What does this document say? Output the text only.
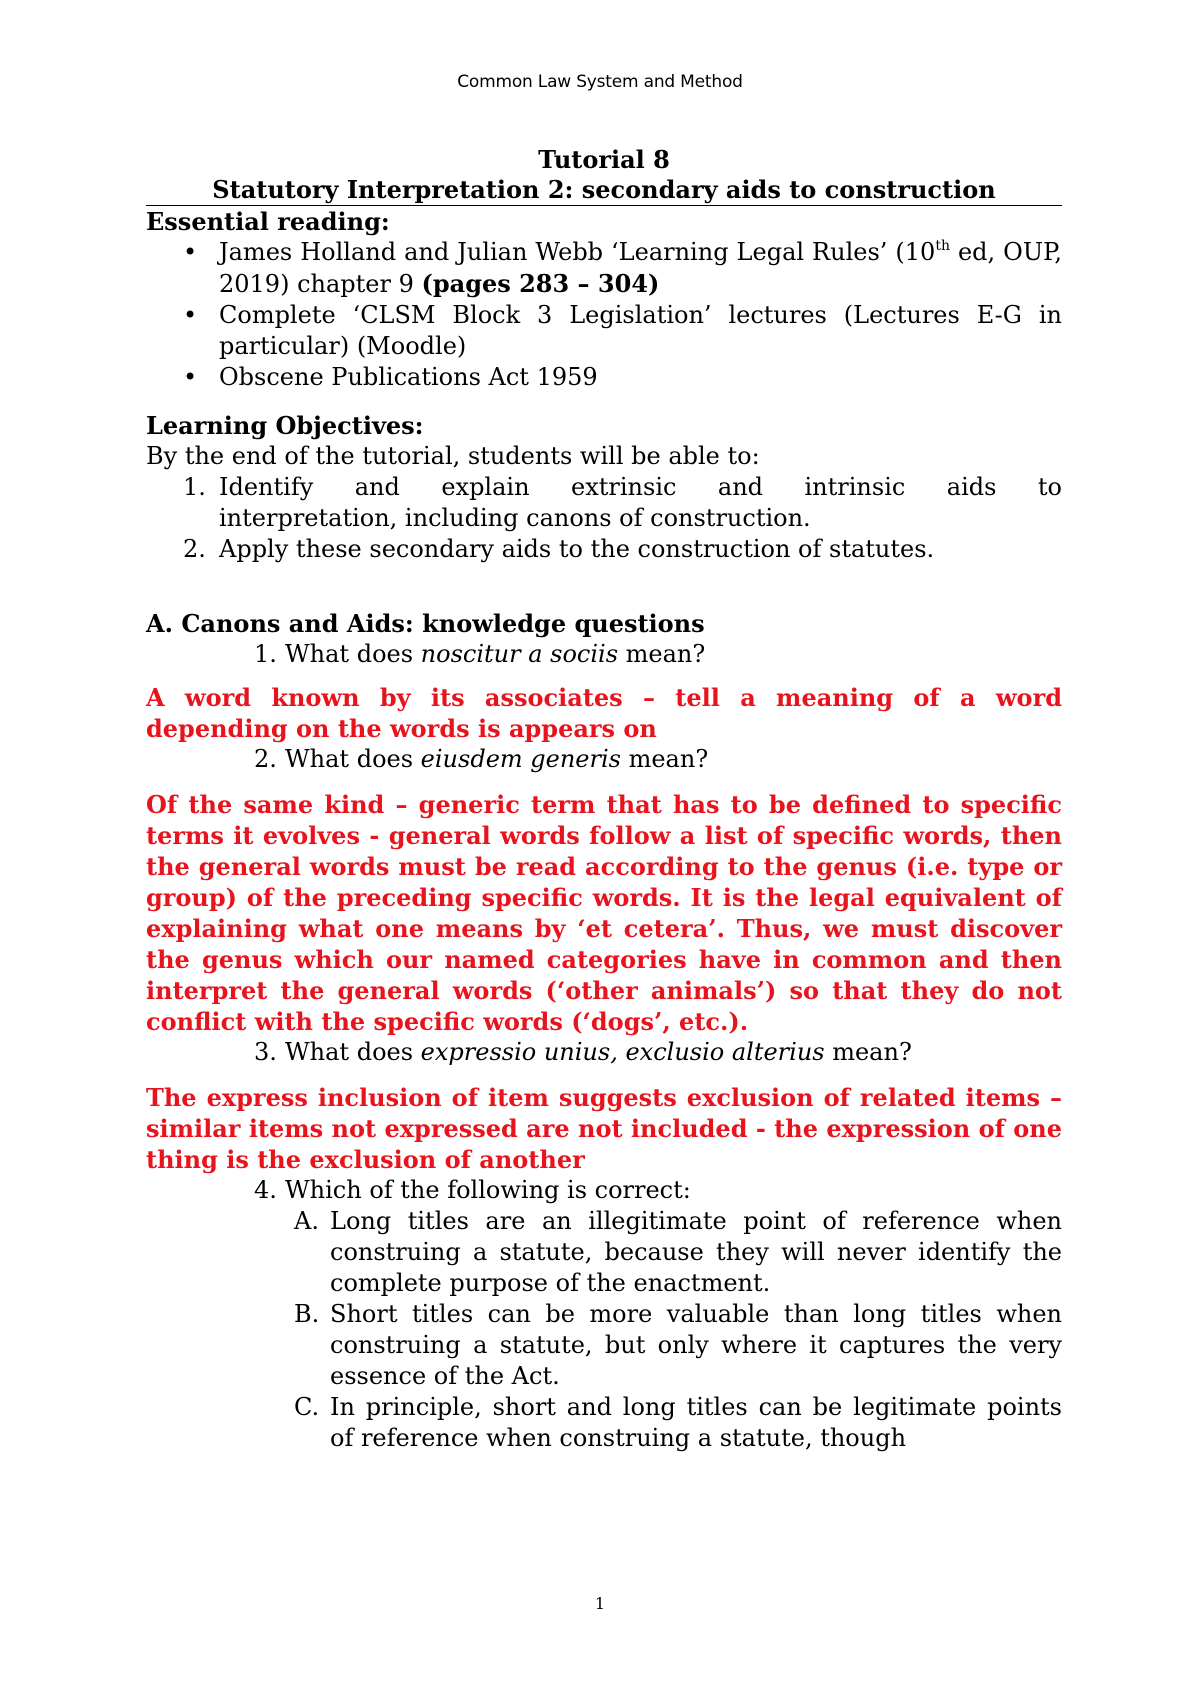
Common Law System and Method
Tutorial 8
Statutory Interpretation 2: secondary aids to construction
Essential reading:
• James Holland and Julian Webb ‘Learning Legal Rules’ (10th ed, OUP, 2019) chapter 9 (pages 283 – 304)
• Complete ‘CLSM Block 3 Legislation’ lectures (Lectures E-G in particular) (Moodle)
• Obscene Publications Act 1959
Learning Objectives:
By the end of the tutorial, students will be able to:
1. Identify and explain extrinsic and intrinsic aids to
interpretation, including canons of construction.
2. Apply these secondary aids to the construction of statutes.
A. Canons and Aids: knowledge questions
1. What does noscitur a sociis mean?
A word known by its associates – tell a meaning of a word depending on the words is appears on
2. What does eiusdem generis mean?
Of the same kind – generic term that has to be defined to specific terms it evolves - general words follow a list of specific words, then the general words must be read according to the genus (i.e. type or group) of the preceding specific words. It is the legal equivalent of explaining what one means by ‘et cetera’. Thus, we must discover the genus which our named categories have in common and then interpret the general words (‘other animals’) so that they do not conflict with the specific words (‘dogs’, etc.).
3. What does expressio unius, exclusio alterius mean?
The express inclusion of item suggests exclusion of related items – similar items not expressed are not included - the expression of one thing is the exclusion of another
4. Which of the following is correct:
A. Long titles are an illegitimate point of reference when construing a statute, because they will never identify the complete purpose of the enactment.
B. Short titles can be more valuable than long titles when construing a statute, but only where it captures the very essence of the Act.
C. In principle, short and long titles can be legitimate points of reference when construing a statute, though
1
